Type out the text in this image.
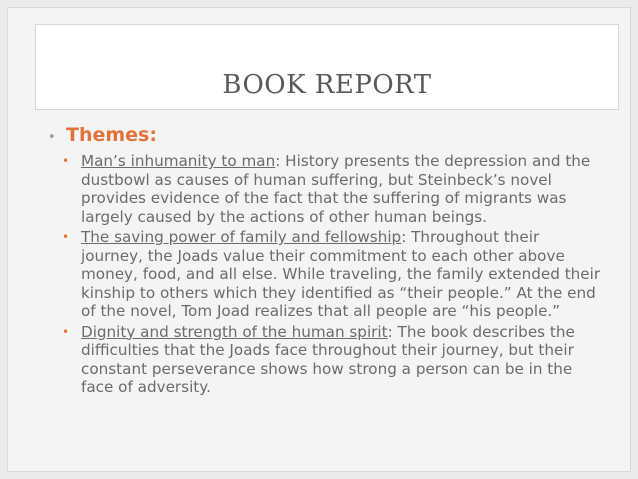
BOOK REPORT
• Themes:
• Man’s inhumanity to man: History presents the depression and the dustbowl as causes of human suffering, but Steinbeck’s novel provides evidence of the fact that the suffering of migrants was largely caused by the actions of other human beings.
• The saving power of family and fellowship: Throughout their journey, the Joads value their commitment to each other above money, food, and all else. While traveling, the family extended their kinship to others which they identified as “their people.” At the end of the novel, Tom Joad realizes that all people are “his people.”
• Dignity and strength of the human spirit: The book describes the difficulties that the Joads face throughout their journey, but their constant perseverance shows how strong a person can be in the face of adversity.
